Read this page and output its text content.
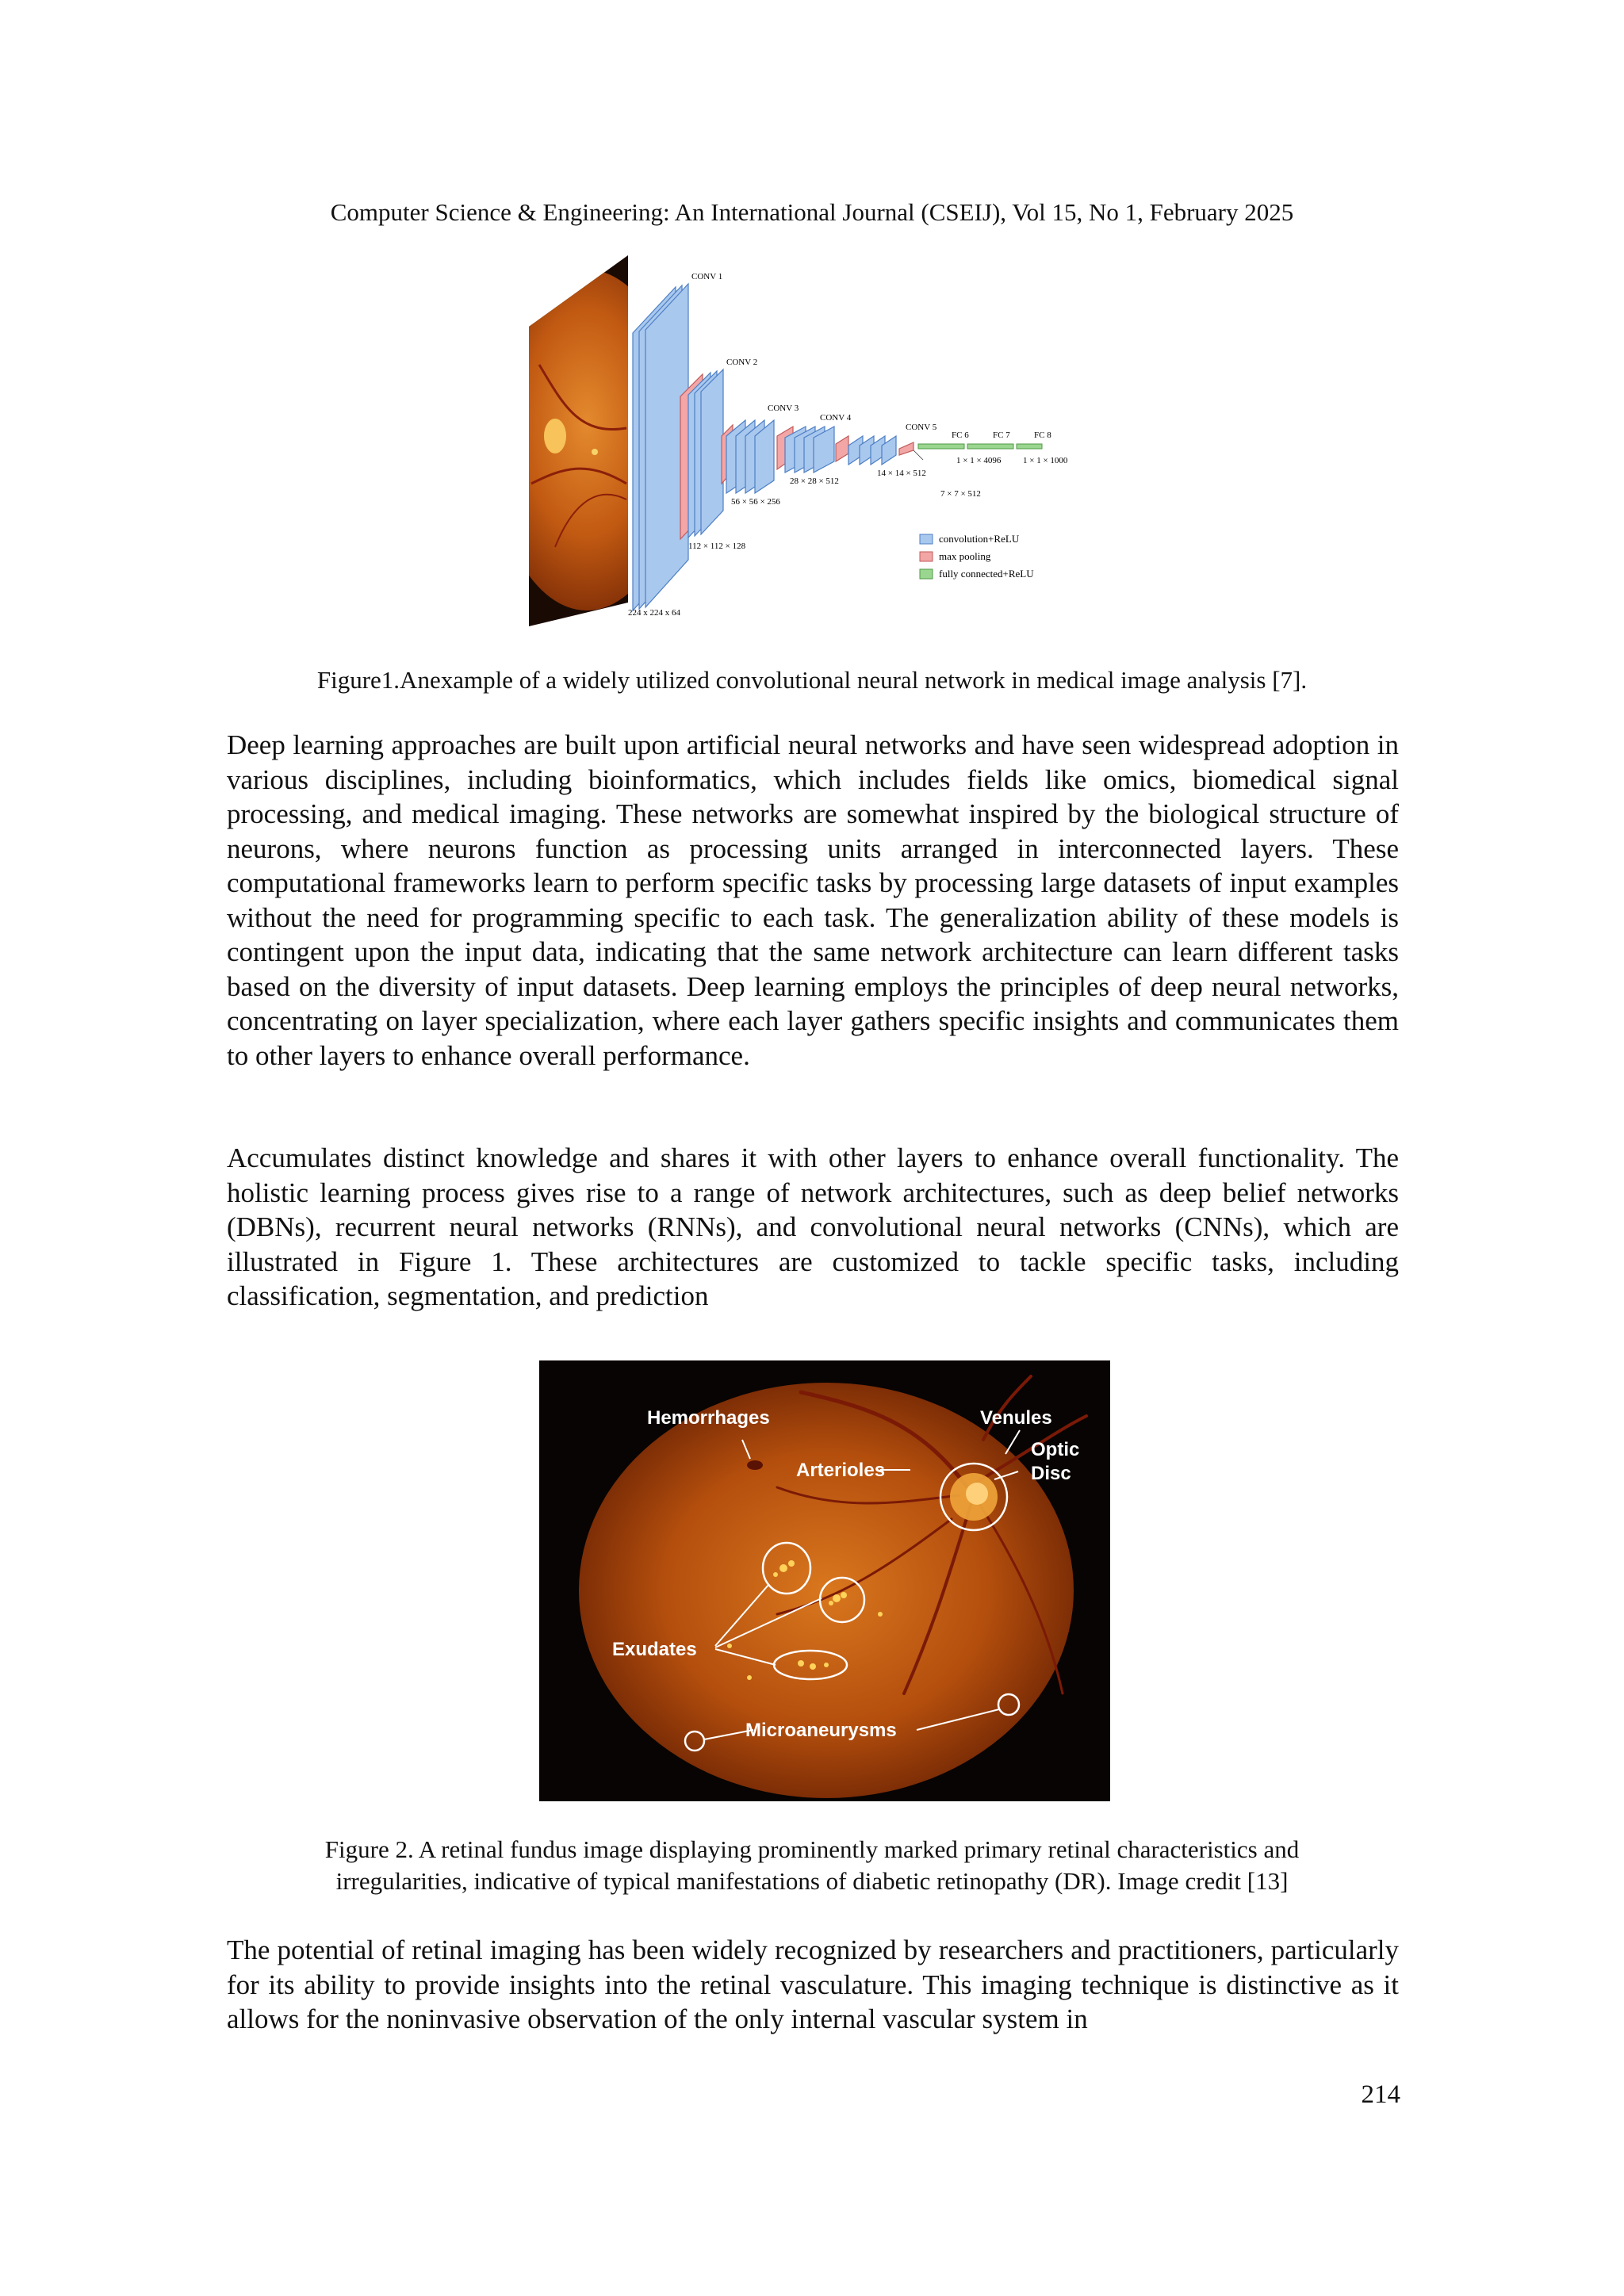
Computer Science & Engineering: An International Journal (CSEIJ), Vol 15, No 1, February 2025
CONV 1
224 x 224 x 64
CONV 2
112 × 112 × 128
CONV 3
56 × 56 × 256
CONV 4
28 × 28 × 512
CONV 5
14 × 14 × 512
7 × 7 × 512
FC 6	FC 7	FC 8
1 × 1 × 4096	1 × 1 × 1000
convolution+ReLU
max pooling
fully connected+ReLU
Figure1.Anexample of a widely utilized convolutional neural network in medical image analysis [7].

Deep learning approaches are built upon artificial neural networks and have seen widespread adoption in various disciplines, including bioinformatics, which includes fields like omics, biomedical signal processing, and medical imaging. These networks are somewhat inspired by the biological structure of neurons, where neurons function as processing units arranged in interconnected layers. These computational frameworks learn to perform specific tasks by processing large datasets of input examples without the need for programming specific to each task. The generalization ability of these models is contingent upon the input data, indicating that the same network architecture can learn different tasks based on the diversity of input datasets. Deep learning employs the principles of deep neural networks, concentrating on layer specialization, where each layer gathers specific insights and communicates them to other layers to enhance overall performance.

Accumulates distinct knowledge and shares it with other layers to enhance overall functionality. The holistic learning process gives rise to a range of network architectures, such as deep belief networks (DBNs), recurrent neural networks (RNNs), and convolutional neural networks (CNNs), which are illustrated in Figure 1. These architectures are customized to tackle specific tasks, including classification, segmentation, and prediction

Hemorrhages	Venules
Arterioles
Optic
Disc
Exudates
Microaneurysms
Figure 2. A retinal fundus image displaying prominently marked primary retinal characteristics and
irregularities, indicative of typical manifestations of diabetic retinopathy (DR). Image credit [13]

The potential of retinal imaging has been widely recognized by researchers and practitioners, particularly for its ability to provide insights into the retinal vasculature. This imaging technique is distinctive as it allows for the noninvasive observation of the only internal vascular system in

214
